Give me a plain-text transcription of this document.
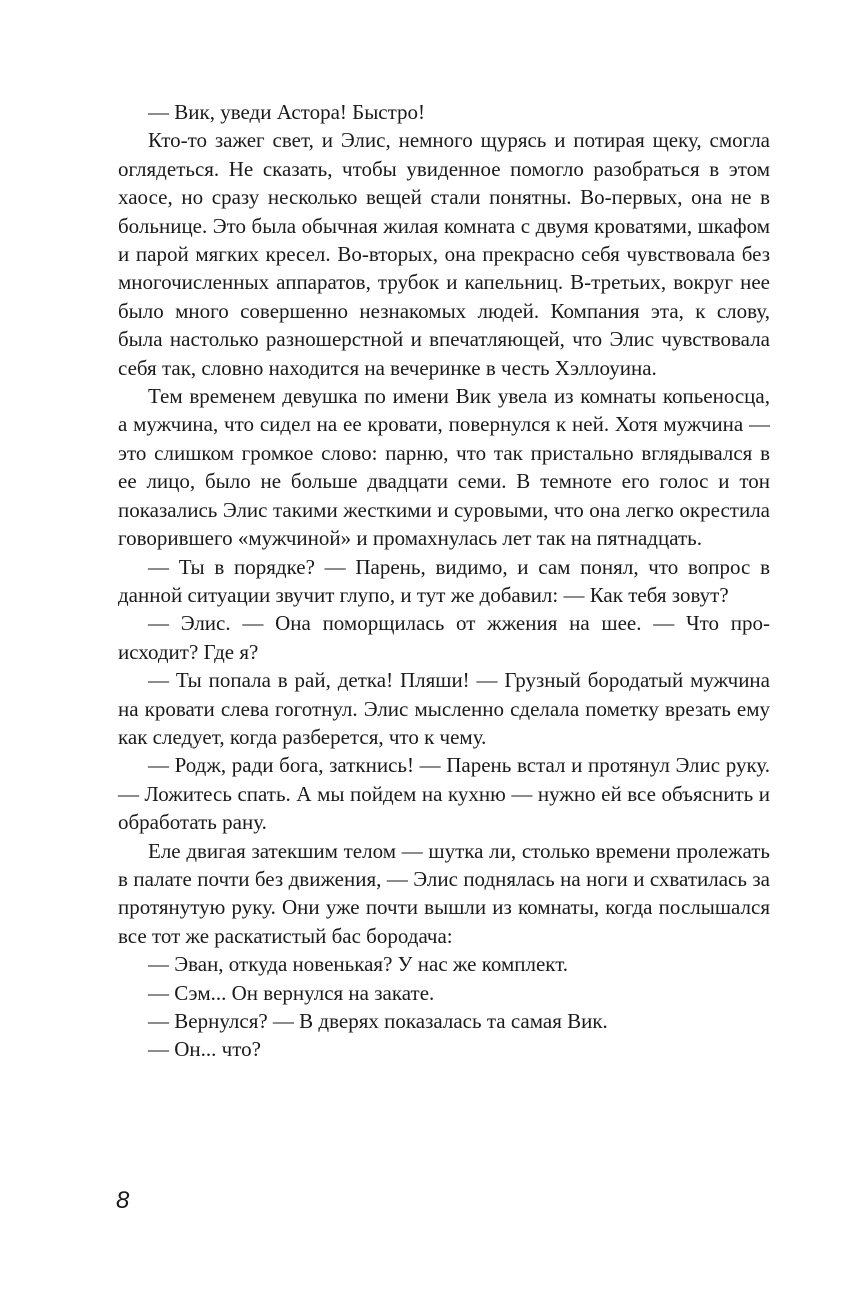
— Вик, уведи Астора! Быстро!

Кто-то зажег свет, и Элис, немного щурясь и потирая щеку, смогла оглядеться. Не сказать, чтобы увиденное помогло разобраться в этом хаосе, но сразу несколько вещей стали понятны. Во-первых, она не в больнице. Это была обычная жилая комната с двумя кроватями, шкафом и парой мягких кресел. Во-вторых, она прекрасно себя чувствовала без многочисленных аппаратов, трубок и капельниц. В-третьих, вокруг нее было много совершенно незнакомых людей. Компания эта, к слову, была настолько разношерстной и впечатляющей, что Элис чувствовала себя так, словно находится на вечеринке в честь Хэллоуина.

Тем временем девушка по имени Вик увела из комнаты копьеносца, а мужчина, что сидел на ее кровати, повернулся к ней. Хотя мужчина — это слишком громкое слово: парню, что так пристально вглядывался в ее лицо, было не больше двадцати семи. В темноте его голос и тон показались Элис такими жесткими и суровыми, что она легко окрестила говорившего «мужчиной» и промахнулась лет так на пятнадцать.

— Ты в порядке? — Парень, видимо, и сам понял, что вопрос в данной ситуации звучит глупо, и тут же добавил: — Как тебя зовут?

— Элис. — Она поморщилась от жжения на шее. — Что происходит? Где я?

— Ты попала в рай, детка! Пляши! — Грузный бородатый мужчина на кровати слева гоготнул. Элис мысленно сделала пометку врезать ему как следует, когда разберется, что к чему.

— Родж, ради бога, заткнись! — Парень встал и протянул Элис руку. — Ложитесь спать. А мы пойдем на кухню — нужно ей все объяснить и обработать рану.

Еле двигая затекшим телом — шутка ли, столько времени пролежать в палате почти без движения, — Элис поднялась на ноги и схватилась за протянутую руку. Они уже почти вышли из комнаты, когда послышался все тот же раскатистый бас бородача:

— Эван, откуда новенькая? У нас же комплект.

— Сэм... Он вернулся на закате.

— Вернулся? — В дверях показалась та самая Вик.

— Он... что?

8
